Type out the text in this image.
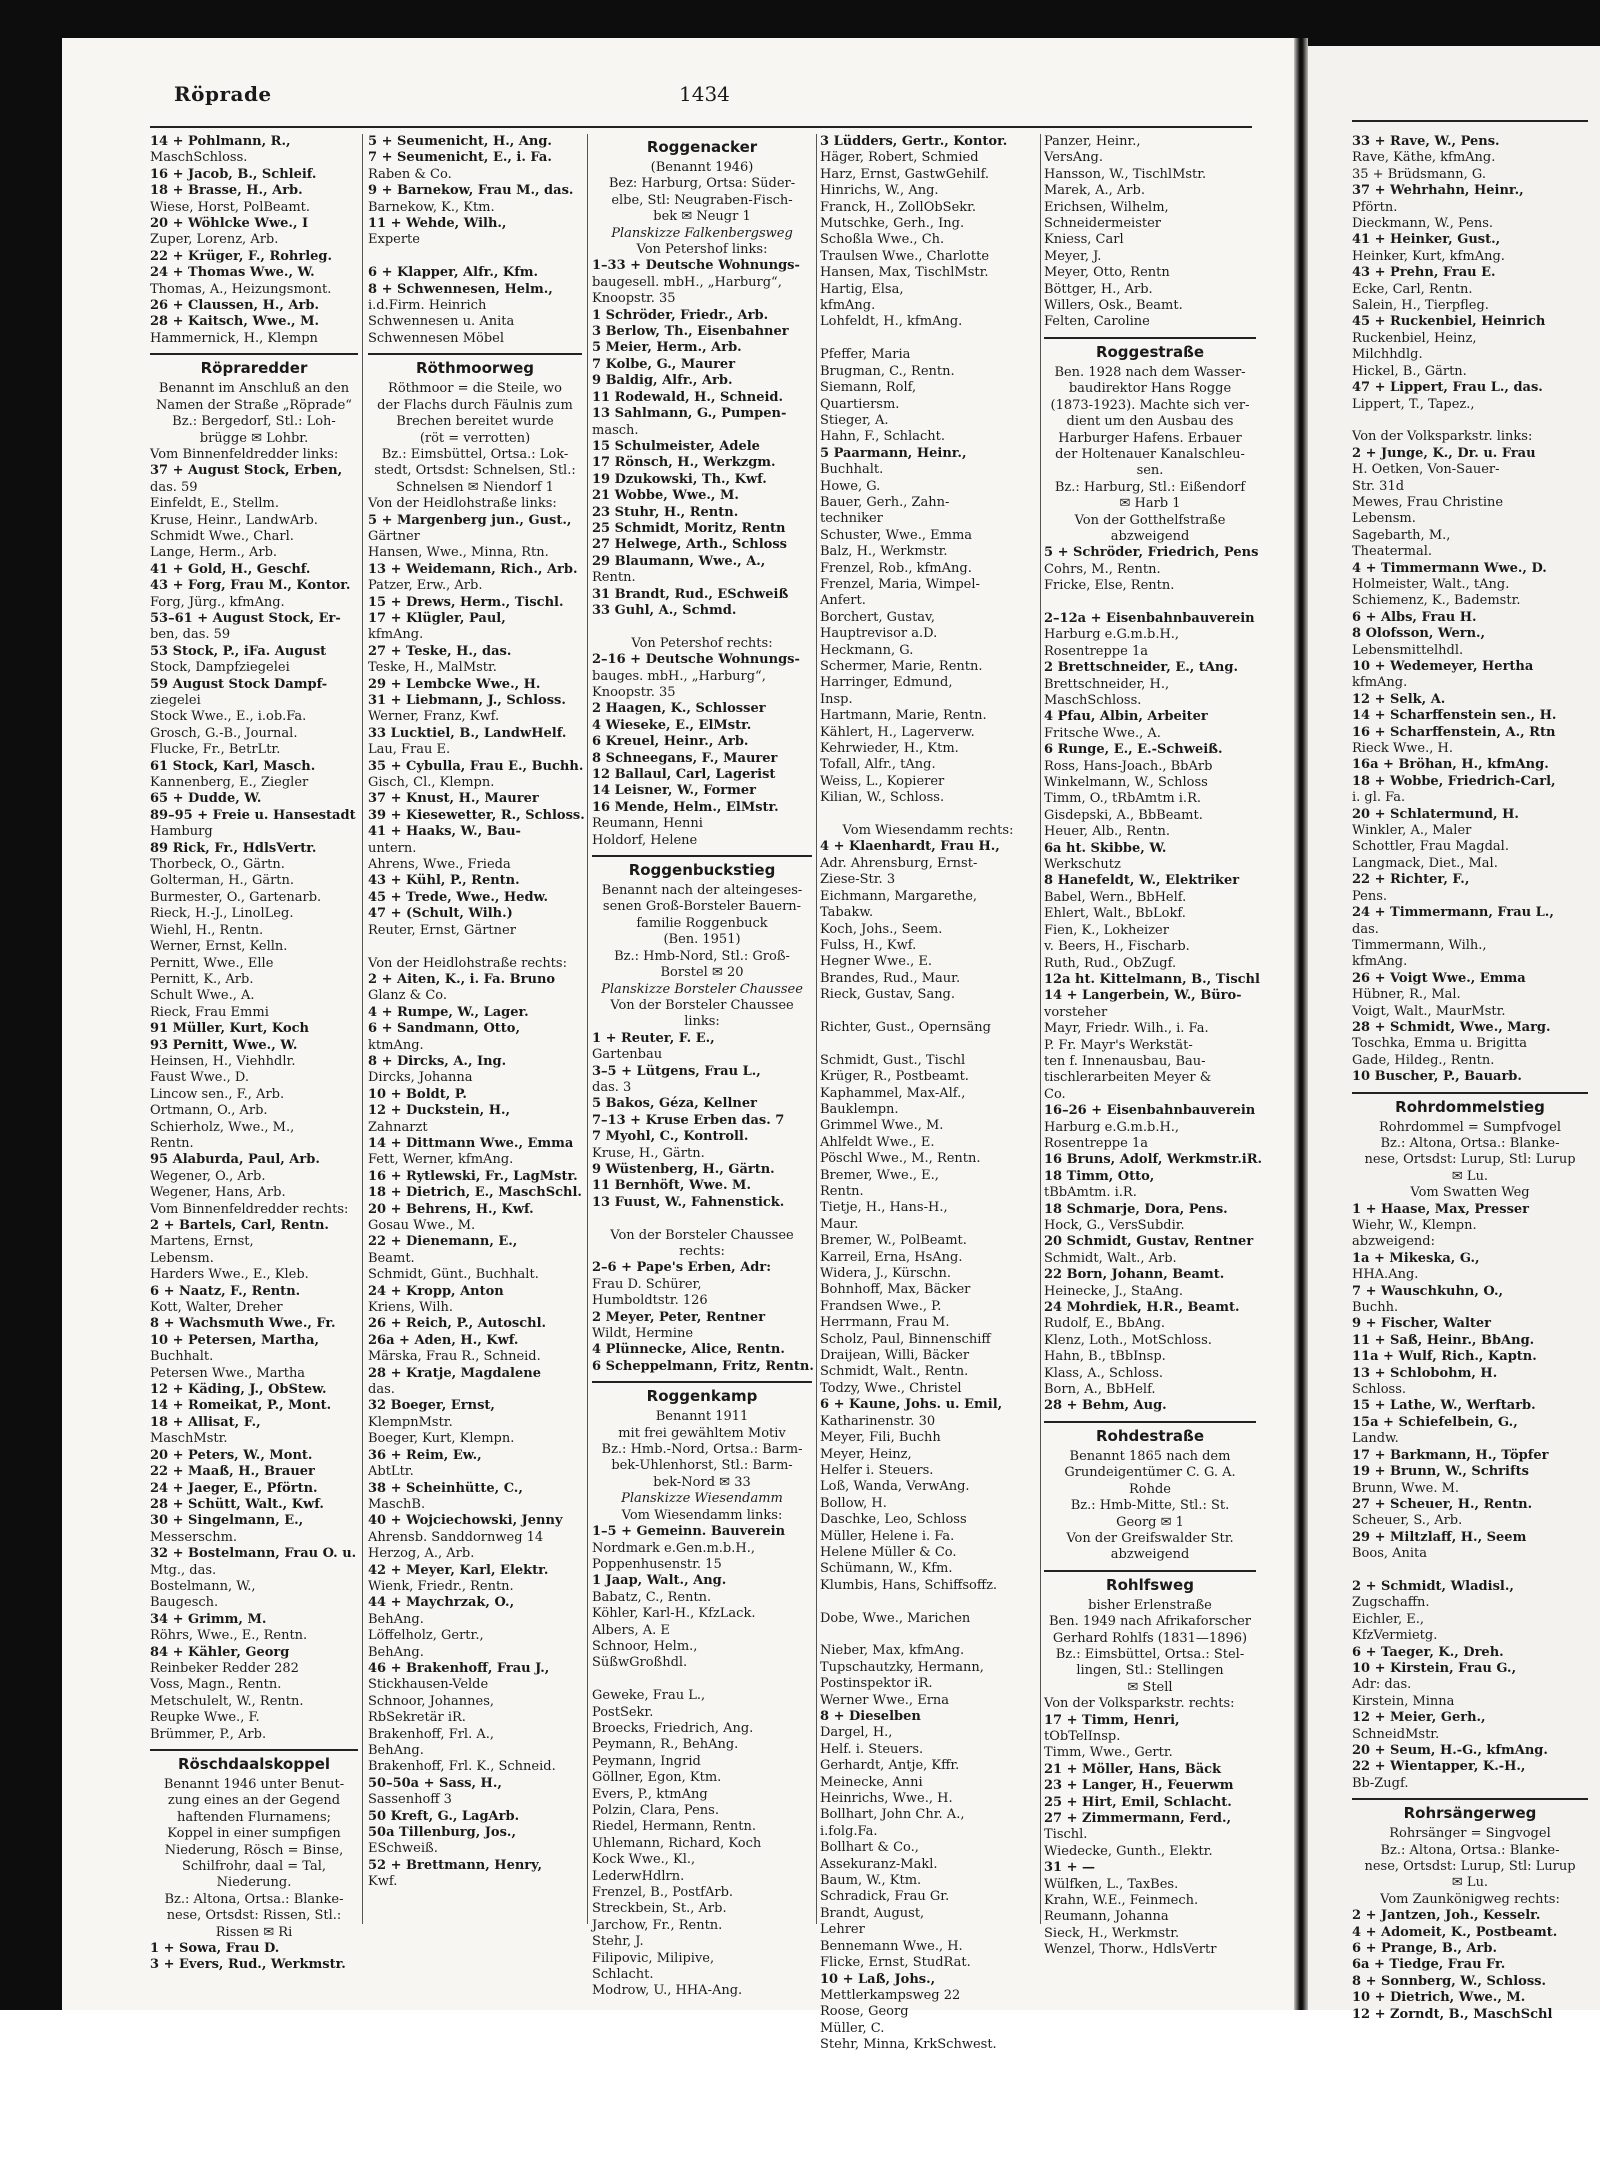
Röprade	1434
14 + Pohlmann, R.,
MaschSchloss.
16 + Jacob, B., Schleif.
18 + Brasse, H., Arb.
Wiese, Horst, PolBeamt.
20 + Wöhlcke Wwe., I
Zuper, Lorenz, Arb.
22 + Krüger, F., Rohrleg.
24 + Thomas Wwe., W.
Thomas, A., Heizungsmont.
26 + Claussen, H., Arb.
28 + Kaitsch, Wwe., M.
Hammernick, H., Klempn
Röpraredder
Benannt im Anschluß an den
Namen der Straße „Röprade“
Bz.: Bergedorf, Stl.: Loh-
brügge ✉ Lohbr.
Vom Binnenfeldredder links:
37 + August Stock, Erben,
das. 59
Einfeldt, E., Stellm.
Kruse, Heinr., LandwArb.
Schmidt Wwe., Charl.
Lange, Herm., Arb.
41 + Gold, H., Geschf.
43 + Forg, Frau M., Kontor.
Forg, Jürg., kfmAng.
53–61 + August Stock, Er-
ben, das. 59
53 Stock, P., iFa. August
Stock, Dampfziegelei
59 August Stock Dampf-
ziegelei
Stock Wwe., E., i.ob.Fa.
Grosch, G.-B., Journal.
Flucke, Fr., BetrLtr.
61 Stock, Karl, Masch.
Kannenberg, E., Ziegler
65 + Dudde, W.
89–95 + Freie u. Hansestadt
Hamburg
89 Rick, Fr., HdlsVertr.
Thorbeck, O., Gärtn.
Golterman, H., Gärtn.
Burmester, O., Gartenarb.
Rieck, H.-J., LinolLeg.
Wiehl, H., Rentn.
Werner, Ernst, Kelln.
Pernitt, Wwe., Elle
Pernitt, K., Arb.
Schult Wwe., A.
Rieck, Frau Emmi
91 Müller, Kurt, Koch
93 Pernitt, Wwe., W.
Heinsen, H., Viehhdlr.
Faust Wwe., D.
Lincow sen., F., Arb.
Ortmann, O., Arb.
Schierholz, Wwe., M.,
Rentn.
95 Alaburda, Paul, Arb.
Wegener, O., Arb.
Wegener, Hans, Arb.
Vom Binnenfeldredder rechts:
2 + Bartels, Carl, Rentn.
Martens, Ernst,
Lebensm.
Harders Wwe., E., Kleb.
6 + Naatz, F., Rentn.
Kott, Walter, Dreher
8 + Wachsmuth Wwe., Fr.
10 + Petersen, Martha,
Buchhalt.
Petersen Wwe., Martha
12 + Käding, J., ObStew.
14 + Romeikat, P., Mont.
18 + Allisat, F.,
MaschMstr.
20 + Peters, W., Mont.
22 + Maaß, H., Brauer
24 + Jaeger, E., Pförtn.
28 + Schütt, Walt., Kwf.
30 + Singelmann, E.,
Messerschm.
32 + Bostelmann, Frau O. u.
Mtg., das.
Bostelmann, W.,
Baugesch.
34 + Grimm, M.
Röhrs, Wwe., E., Rentn.
84 + Kähler, Georg
Reinbeker Redder 282
Voss, Magn., Rentn.
Metschulelt, W., Rentn.
Reupke Wwe., F.
Brümmer, P., Arb.
Röschdaalskoppel
Benannt 1946 unter Benut-
zung eines an der Gegend
haftenden Flurnamens;
Koppel in einer sumpfigen
Niederung, Rösch = Binse,
Schilfrohr, daal = Tal,
Niederung.
Bz.: Altona, Ortsa.: Blanke-
nese, Ortsdst: Rissen, Stl.:
Rissen ✉ Ri
1 + Sowa, Frau D.
3 + Evers, Rud., Werkmstr.
5 + Seumenicht, H., Ang.
7 + Seumenicht, E., i. Fa.
Raben & Co.
9 + Barnekow, Frau M., das.
Barnekow, K., Ktm.
11 + Wehde, Wilh.,
Experte

6 + Klapper, Alfr., Kfm.
8 + Schwennesen, Helm.,
i.d.Firm. Heinrich
Schwennesen u. Anita
Schwennesen Möbel
Röthmoorweg
Röthmoor = die Steile, wo
der Flachs durch Fäulnis zum
Brechen bereitet wurde
(röt = verrotten)
Bz.: Eimsbüttel, Ortsa.: Lok-
stedt, Ortsdst: Schnelsen, Stl.:
Schnelsen ✉ Niendorf 1
Von der Heidlohstraße links:
5 + Margenberg jun., Gust.,
Gärtner
Hansen, Wwe., Minna, Rtn.
13 + Weidemann, Rich., Arb.
Patzer, Erw., Arb.
15 + Drews, Herm., Tischl.
17 + Klügler, Paul,
kfmAng.
27 + Teske, H., das.
Teske, H., MalMstr.
29 + Lembcke Wwe., H.
31 + Liebmann, J., Schloss.
Werner, Franz, Kwf.
33 Lucktiel, B., LandwHelf.
Lau, Frau E.
35 + Cybulla, Frau E., Buchh.
Gisch, Cl., Klempn.
37 + Knust, H., Maurer
39 + Kiesewetter, R., Schloss.
41 + Haaks, W., Bau-
untern.
Ahrens, Wwe., Frieda
43 + Kühl, P., Rentn.
45 + Trede, Wwe., Hedw.
47 + (Schult, Wilh.)
Reuter, Ernst, Gärtner

Von der Heidlohstraße rechts:
2 + Aiten, K., i. Fa. Bruno
Glanz & Co.
4 + Rumpe, W., Lager.
6 + Sandmann, Otto,
ktmAng.
8 + Dircks, A., Ing.
Dircks, Johanna
10 + Boldt, P.
12 + Duckstein, H.,
Zahnarzt
14 + Dittmann Wwe., Emma
Fett, Werner, kfmAng.
16 + Rytlewski, Fr., LagMstr.
18 + Dietrich, E., MaschSchl.
20 + Behrens, H., Kwf.
Gosau Wwe., M.
22 + Dienemann, E.,
Beamt.
Schmidt, Günt., Buchhalt.
24 + Kropp, Anton
Kriens, Wilh.
26 + Reich, P., Autoschl.
26a + Aden, H., Kwf.
Märska, Frau R., Schneid.
28 + Kratje, Magdalene
das.
32 Boeger, Ernst,
KlempnMstr.
Boeger, Kurt, Klempn.
36 + Reim, Ew.,
AbtLtr.
38 + Scheinhütte, C.,
MaschB.
40 + Wojciechowski, Jenny
Ahrensb. Sanddornweg 14
Herzog, A., Arb.
42 + Meyer, Karl, Elektr.
Wienk, Friedr., Rentn.
44 + Maychrzak, O.,
BehAng.
Löffelholz, Gertr.,
BehAng.
46 + Brakenhoff, Frau J.,
Stickhausen-Velde
Schnoor, Johannes,
RbSekretär iR.
Brakenhoff, Frl. A.,
BehAng.
Brakenhoff, Frl. K., Schneid.
50–50a + Sass, H.,
Sassenhoff 3
50 Kreft, G., LagArb.
50a Tillenburg, Jos.,
ESchweiß.
52 + Brettmann, Henry,
Kwf.
Roggenacker
(Benannt 1946)
Bez: Harburg, Ortsa: Süder-
elbe, Stl: Neugraben-Fisch-
bek ✉ Neugr 1
Planskizze Falkenbergsweg
Von Petershof links:
1–33 + Deutsche Wohnungs-
baugesell. mbH., „Harburg“,
Knoopstr. 35
1 Schröder, Friedr., Arb.
3 Berlow, Th., Eisenbahner
5 Meier, Herm., Arb.
7 Kolbe, G., Maurer
9 Baldig, Alfr., Arb.
11 Rodewald, H., Schneid.
13 Sahlmann, G., Pumpen-
masch.
15 Schulmeister, Adele
17 Rönsch, H., Werkzgm.
19 Dzukowski, Th., Kwf.
21 Wobbe, Wwe., M.
23 Stuhr, H., Rentn.
25 Schmidt, Moritz, Rentn
27 Helwege, Arth., Schloss
29 Blaumann, Wwe., A.,
Rentn.
31 Brandt, Rud., ESchweiß
33 Guhl, A., Schmd.

Von Petershof rechts:
2–16 + Deutsche Wohnungs-
bauges. mbH., „Harburg“,
Knoopstr. 35
2 Haagen, K., Schlosser
4 Wieseke, E., ElMstr.
6 Kreuel, Heinr., Arb.
8 Schneegans, F., Maurer
12 Ballaul, Carl, Lagerist
14 Leisner, W., Former
16 Mende, Helm., ElMstr.
Reumann, Henni
Holdorf, Helene
Roggenbuckstieg
Benannt nach der alteingeses-
senen Groß-Borsteler Bauern-
familie Roggenbuck
(Ben. 1951)
Bz.: Hmb-Nord, Stl.: Groß-
Borstel ✉ 20
Planskizze Borsteler Chaussee
Von der Borsteler Chaussee
links:
1 + Reuter, F. E.,
Gartenbau
3–5 + Lütgens, Frau L.,
das. 3
5 Bakos, Géza, Kellner
7–13 + Kruse Erben das. 7
7 Myohl, C., Kontroll.
Kruse, H., Gärtn.
9 Wüstenberg, H., Gärtn.
11 Bernhöft, Wwe. M.
13 Fuust, W., Fahnenstick.

Von der Borsteler Chaussee
rechts:
2–6 + Pape's Erben, Adr:
Frau D. Schürer,
Humboldtstr. 126
2 Meyer, Peter, Rentner
Wildt, Hermine
4 Plünnecke, Alice, Rentn.
6 Scheppelmann, Fritz, Rentn.
Roggenkamp
Benannt 1911
mit frei gewähltem Motiv
Bz.: Hmb.-Nord, Ortsa.: Barm-
bek-Uhlenhorst, Stl.: Barm-
bek-Nord ✉ 33
Planskizze Wiesendamm
Vom Wiesendamm links:
1–5 + Gemeinn. Bauverein
Nordmark e.Gen.m.b.H.,
Poppenhusenstr. 15
1 Jaap, Walt., Ang.
Babatz, C., Rentn.
Köhler, Karl-H., KfzLack.
Albers, A. E
Schnoor, Helm.,
SüßwGroßhdl.

Geweke, Frau L.,
PostSekr.
Broecks, Friedrich, Ang.
Peymann, R., BehAng.
Peymann, Ingrid
Göllner, Egon, Ktm.
Evers, P., ktmAng
Polzin, Clara, Pens.
Riedel, Hermann, Rentn.
Uhlemann, Richard, Koch
Kock Wwe., Kl.,
LederwHdlrn.
Frenzel, B., PostfArb.
Streckbein, St., Arb.
Jarchow, Fr., Rentn.
Stehr, J.
Filipovic, Milipive,
Schlacht.
Modrow, U., HHA-Ang.
3 Lüdders, Gertr., Kontor.
Häger, Robert, Schmied
Harz, Ernst, GastwGehilf.
Hinrichs, W., Ang.
Franck, H., ZollObSekr.
Mutschke, Gerh., Ing.
Schoßla Wwe., Ch.
Traulsen Wwe., Charlotte
Hansen, Max, TischlMstr.
Hartig, Elsa,
kfmAng.
Lohfeldt, H., kfmAng.

Pfeffer, Maria
Brugman, C., Rentn.
Siemann, Rolf,
Quartiersm.
Stieger, A.
Hahn, F., Schlacht.
5 Paarmann, Heinr.,
Buchhalt.
Howe, G.
Bauer, Gerh., Zahn-
techniker
Schuster, Wwe., Emma
Balz, H., Werkmstr.
Frenzel, Rob., kfmAng.
Frenzel, Maria, Wimpel-
Anfert.
Borchert, Gustav,
Hauptrevisor a.D.
Heckmann, G.
Schermer, Marie, Rentn.
Harringer, Edmund,
Insp.
Hartmann, Marie, Rentn.
Kählert, H., Lagerverw.
Kehrwieder, H., Ktm.
Tofall, Alfr., tAng.
Weiss, L., Kopierer
Kilian, W., Schloss.

Vom Wiesendamm rechts:
4 + Klaenhardt, Frau H.,
Adr. Ahrensburg, Ernst-
Ziese-Str. 3
Eichmann, Margarethe,
Tabakw.
Koch, Johs., Seem.
Fulss, H., Kwf.
Hegner Wwe., E.
Brandes, Rud., Maur.
Rieck, Gustav, Sang.

Richter, Gust., Opernsäng

Schmidt, Gust., Tischl
Krüger, R., Postbeamt.
Kaphammel, Max-Alf.,
Bauklempn.
Grimmel Wwe., M.
Ahlfeldt Wwe., E.
Pöschl Wwe., M., Rentn.
Bremer, Wwe., E.,
Rentn.
Tietje, H., Hans-H.,
Maur.
Bremer, W., PolBeamt.
Karreil, Erna, HsAng.
Widera, J., Kürschn.
Bohnhoff, Max, Bäcker
Frandsen Wwe., P.
Herrmann, Frau M.
Scholz, Paul, Binnenschiff
Draijean, Willi, Bäcker
Schmidt, Walt., Rentn.
Todzy, Wwe., Christel
6 + Kaune, Johs. u. Emil,
Katharinenstr. 30
Meyer, Fili, Buchh
Meyer, Heinz,
Helfer i. Steuers.
Loß, Wanda, VerwAng.
Bollow, H.
Daschke, Leo, Schloss
Müller, Helene i. Fa.
Helene Müller & Co.
Schümann, W., Kfm.
Klumbis, Hans, Schiffsoffz.

Dobe, Wwe., Marichen

Nieber, Max, kfmAng.
Tupschautzky, Hermann,
Postinspektor iR.
Werner Wwe., Erna
8 + Dieselben
Dargel, H.,
Helf. i. Steuers.
Gerhardt, Antje, Kffr.
Meinecke, Anni
Heinrichs, Wwe., H.
Bollhart, John Chr. A.,
i.folg.Fa.
Bollhart & Co.,
Assekuranz-Makl.
Baum, W., Ktm.
Schradick, Frau Gr.
Brandt, August,
Lehrer
Bennemann Wwe., H.
Flicke, Ernst, StudRat.
10 + Laß, Johs.,
Mettlerkampsweg 22
Roose, Georg
Müller, C.
Stehr, Minna, KrkSchwest.
Panzer, Heinr.,
VersAng.
Hansson, W., TischlMstr.
Marek, A., Arb.
Erichsen, Wilhelm,
Schneidermeister
Kniess, Carl
Meyer, J.
Meyer, Otto, Rentn
Böttger, H., Arb.
Willers, Osk., Beamt.
Felten, Caroline
Roggestraße
Ben. 1928 nach dem Wasser-
baudirektor Hans Rogge
(1873-1923). Machte sich ver-
dient um den Ausbau des
Harburger Hafens. Erbauer
der Holtenauer Kanalschleu-
sen.
Bz.: Harburg, Stl.: Eißendorf
✉ Harb 1
Von der Gotthelfstraße
abzweigend
5 + Schröder, Friedrich, Pens
Cohrs, M., Rentn.
Fricke, Else, Rentn.

2–12a + Eisenbahnbauverein
Harburg e.G.m.b.H.,
Rosentreppe 1a
2 Brettschneider, E., tAng.
Brettschneider, H.,
MaschSchloss.
4 Pfau, Albin, Arbeiter
Fritsche Wwe., A.
6 Runge, E., E.-Schweiß.
Ross, Hans-Joach., BbArb
Winkelmann, W., Schloss
Timm, O., tRbAmtm i.R.
Gisdepski, A., BbBeamt.
Heuer, Alb., Rentn.
6a ht. Skibbe, W.
Werkschutz
8 Hanefeldt, W., Elektriker
Babel, Wern., BbHelf.
Ehlert, Walt., BbLokf.
Fien, K., Lokheizer
v. Beers, H., Fischarb.
Ruth, Rud., ObZugf.
12a ht. Kittelmann, B., Tischl
14 + Langerbein, W., Büro-
vorsteher
Mayr, Friedr. Wilh., i. Fa.
P. Fr. Mayr's Werkstät-
ten f. Innenausbau, Bau-
tischlerarbeiten Meyer &
Co.
16–26 + Eisenbahnbauverein
Harburg e.G.m.b.H.,
Rosentreppe 1a
16 Bruns, Adolf, Werkmstr.iR.
18 Timm, Otto,
tBbAmtm. i.R.
18 Schmarje, Dora, Pens.
Hock, G., VersSubdir.
20 Schmidt, Gustav, Rentner
Schmidt, Walt., Arb.
22 Born, Johann, Beamt.
Heinecke, J., StaAng.
24 Mohrdiek, H.R., Beamt.
Rudolf, E., BbAng.
Klenz, Loth., MotSchloss.
Hahn, B., tBbInsp.
Klass, A., Schloss.
Born, A., BbHelf.
28 + Behm, Aug.
Rohdestraße
Benannt 1865 nach dem
Grundeigentümer C. G. A.
Rohde
Bz.: Hmb-Mitte, Stl.: St.
Georg ✉ 1
Von der Greifswalder Str.
abzweigend
Rohlfsweg
bisher Erlenstraße
Ben. 1949 nach Afrikaforscher
Gerhard Rohlfs (1831—1896)
Bz.: Eimsbüttel, Ortsa.: Stel-
lingen, Stl.: Stellingen
✉ Stell
Von der Volksparkstr. rechts:
17 + Timm, Henri,
tObTelInsp.
Timm, Wwe., Gertr.
21 + Möller, Hans, Bäck
23 + Langer, H., Feuerwm
25 + Hirt, Emil, Schlacht.
27 + Zimmermann, Ferd.,
Tischl.
Wiedecke, Gunth., Elektr.
31 + —
Wülfken, L., TaxBes.
Krahn, W.E., Feinmech.
Reumann, Johanna
Sieck, H., Werkmstr.
Wenzel, Thorw., HdlsVertr
33 + Rave, W., Pens.
Rave, Käthe, kfmAng.
35 + Brüdsmann, G.
37 + Wehrhahn, Heinr.,
Pförtn.
Dieckmann, W., Pens.
41 + Heinker, Gust.,
Heinker, Kurt, kfmAng.
43 + Prehn, Frau E.
Ecke, Carl, Rentn.
Salein, H., Tierpfleg.
45 + Ruckenbiel, Heinrich
Ruckenbiel, Heinz,
Milchhdlg.
Hickel, B., Gärtn.
47 + Lippert, Frau L., das.
Lippert, T., Tapez.,

Von der Volksparkstr. links:
2 + Junge, K., Dr. u. Frau
H. Oetken, Von-Sauer-
Str. 31d
Mewes, Frau Christine
Lebensm.
Sagebarth, M.,
Theatermal.
4 + Timmermann Wwe., D.
Holmeister, Walt., tAng.
Schiemenz, K., Bademstr.
6 + Albs, Frau H.
8 Olofsson, Wern.,
Lebensmittelhdl.
10 + Wedemeyer, Hertha
kfmAng.
12 + Selk, A.
14 + Scharffenstein sen., H.
16 + Scharffenstein, A., Rtn
Rieck Wwe., H.
16a + Bröhan, H., kfmAng.
18 + Wobbe, Friedrich-Carl,
i. gl. Fa.
20 + Schlatermund, H.
Winkler, A., Maler
Schottler, Frau Magdal.
Langmack, Diet., Mal.
22 + Richter, F.,
Pens.
24 + Timmermann, Frau L.,
das.
Timmermann, Wilh.,
kfmAng.
26 + Voigt Wwe., Emma
Hübner, R., Mal.
Voigt, Walt., MaurMstr.
28 + Schmidt, Wwe., Marg.
Toschka, Emma u. Brigitta
Gade, Hildeg., Rentn.
10 Buscher, P., Bauarb.
Rohrdommelstieg
Rohrdommel = Sumpfvogel
Bz.: Altona, Ortsa.: Blanke-
nese, Ortsdst: Lurup, Stl: Lurup
✉ Lu.
Vom Swatten Weg
1 + Haase, Max, Presser
Wiehr, W., Klempn.
abzweigend:
1a + Mikeska, G.,
HHA.Ang.
7 + Wauschkuhn, O.,
Buchh.
9 + Fischer, Walter
11 + Saß, Heinr., BbAng.
11a + Wulf, Rich., Kaptn.
13 + Schlobohm, H.
Schloss.
15 + Lathe, W., Werftarb.
15a + Schiefelbein, G.,
Landw.
17 + Barkmann, H., Töpfer
19 + Brunn, W., Schrifts
Brunn, Wwe. M.
27 + Scheuer, H., Rentn.
Scheuer, S., Arb.
29 + Miltzlaff, H., Seem
Boos, Anita

2 + Schmidt, Wladisl.,
Zugschaffn.
Eichler, E.,
KfzVermietg.
6 + Taeger, K., Dreh.
10 + Kirstein, Frau G.,
Adr: das.
Kirstein, Minna
12 + Meier, Gerh.,
SchneidMstr.
20 + Seum, H.-G., kfmAng.
22 + Wientapper, K.-H.,
Bb-Zugf.
Rohrsängerweg
Rohrsänger = Singvogel
Bz.: Altona, Ortsa.: Blanke-
nese, Ortsdst: Lurup, Stl: Lurup
✉ Lu.
Vom Zaunkönigweg rechts:
2 + Jantzen, Joh., Kesselr.
4 + Adomeit, K., Postbeamt.
6 + Prange, B., Arb.
6a + Tiedge, Frau Fr.
8 + Sonnberg, W., Schloss.
10 + Dietrich, Wwe., M.
12 + Zorndt, B., MaschSchl
